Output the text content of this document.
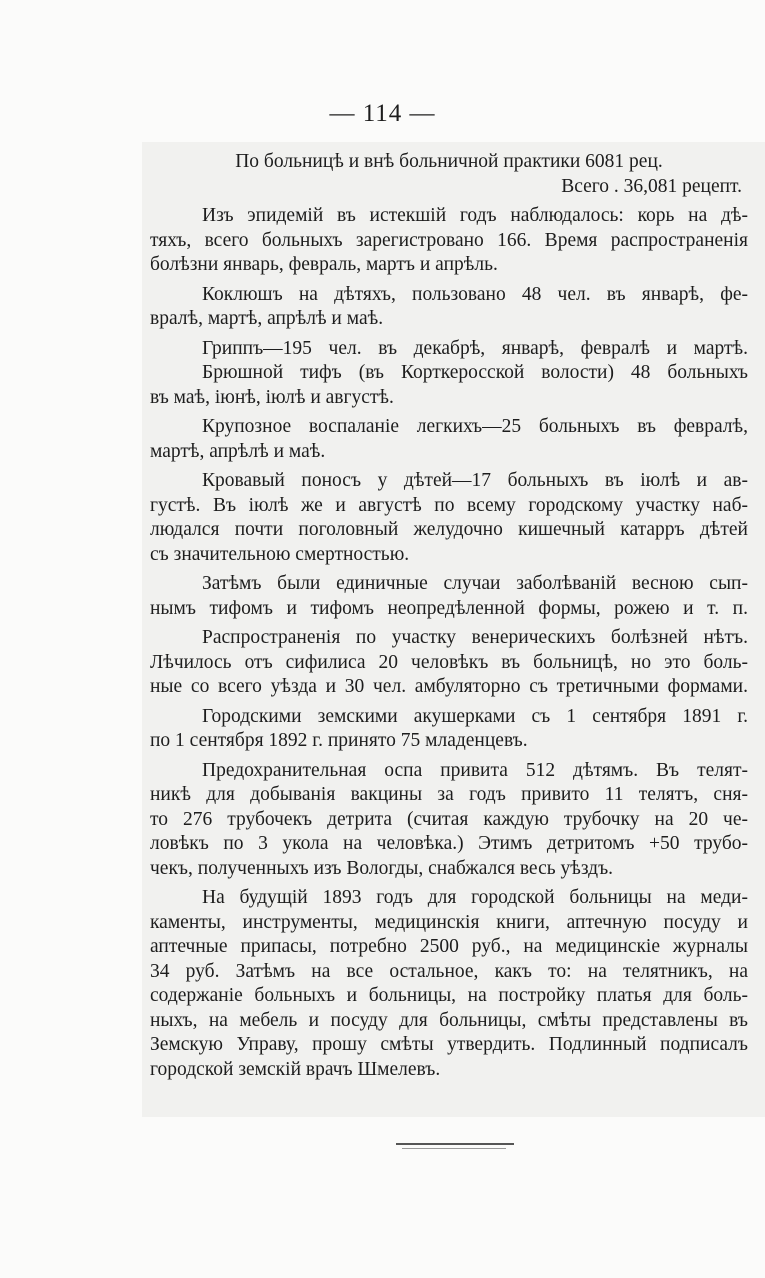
— 114 —
По больницѣ и внѣ больничной практики 6081 рец.
Всего . 36,081 рецепт.
Изъ эпидемій въ истекшій годъ наблюдалось: корь на дѣ-
тяхъ, всего больныхъ зарегистровано 166. Время распространенія
болѣзни январь, февраль, мартъ и апрѣль.
Коклюшъ на дѣтяхъ, пользовано 48 чел. въ январѣ, фе-
вралѣ, мартѣ, апрѣлѣ и маѣ.
Гриппъ—195 чел. въ декабрѣ, январѣ, февралѣ и мартѣ.
Брюшной тифъ (въ Корткеросской волости) 48 больныхъ
въ маѣ, іюнѣ, іюлѣ и августѣ.
Крупозное воспаланіе легкихъ—25 больныхъ въ февралѣ,
мартѣ, апрѣлѣ и маѣ.
Кровавый поносъ у дѣтей—17 больныхъ въ іюлѣ и ав-
густѣ. Въ іюлѣ же и августѣ по всему городскому участку наб-
людался почти поголовный желудочно кишечный катарръ дѣтей
съ значительною смертностью.
Затѣмъ были единичные случаи заболѣваній весною сып-
нымъ тифомъ и тифомъ неопредѣленной формы, рожею и т. п.
Распространенія по участку венерическихъ болѣзней нѣтъ.
Лѣчилось отъ сифилиса 20 человѣкъ въ больницѣ, но это боль-
ные со всего уѣзда и 30 чел. амбуляторно съ третичными формами.
Городскими земскими акушерками съ 1 сентября 1891 г.
по 1 сентября 1892 г. принято 75 младенцевъ.
Предохранительная оспа привита 512 дѣтямъ. Въ телят-
никѣ для добыванія вакцины за годъ привито 11 телятъ, сня-
то 276 трубочекъ детрита (считая каждую трубочку на 20 че-
ловѣкъ по 3 укола на человѣка.) Этимъ детритомъ +50 трубо-
чекъ, полученныхъ изъ Вологды, снабжался весь уѣздъ.
На будущій 1893 годъ для городской больницы на меди-
каменты, инструменты, медицинскія книги, аптечную посуду и
аптечные припасы, потребно 2500 руб., на медицинскіе журналы
34 руб. Затѣмъ на все остальное, какъ то: на телятникъ, на
содержаніе больныхъ и больницы, на постройку платья для боль-
ныхъ, на мебель и посуду для больницы, смѣты представлены въ
Земскую Управу, прошу смѣты утвердить. Подлинный подписалъ
городской земскій врачъ Шмелевъ.
